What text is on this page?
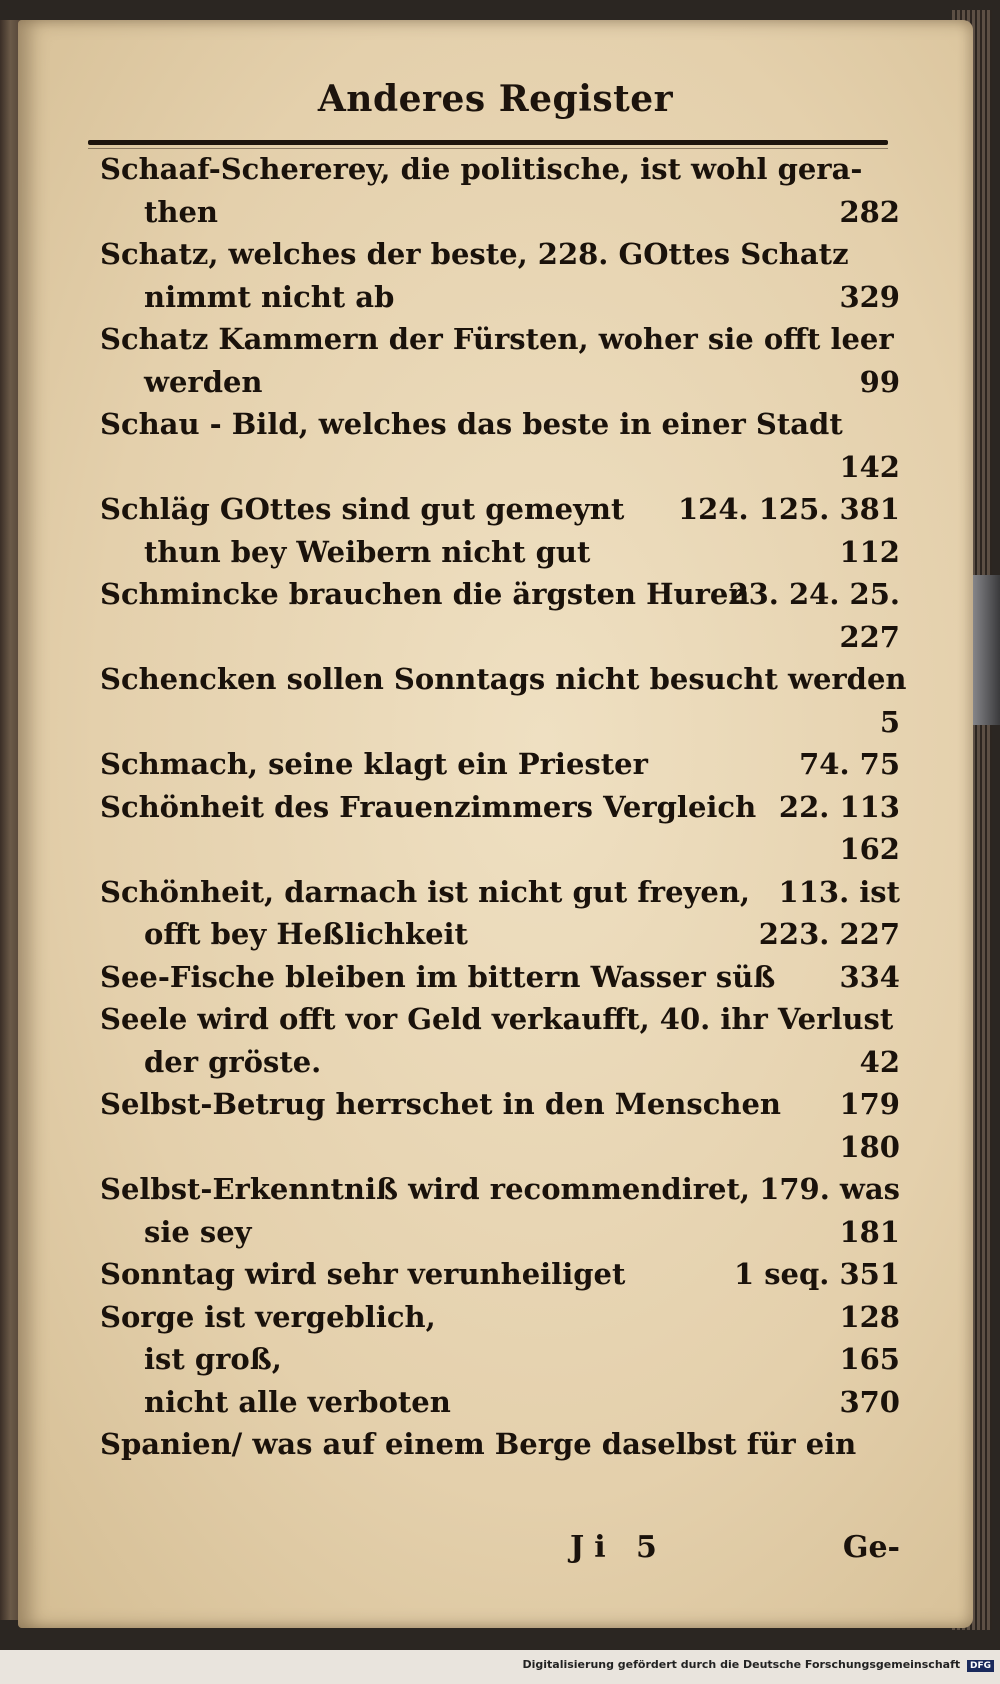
Anderes Register
Schaaf-Schererey, die politische, ist wohl gera-
then	282
Schatz, welches der beste, 228. GOttes Schatz
nimmt nicht ab	329
Schatz Kammern der Fürsten, woher sie offt leer
werden	99
Schau - Bild, welches das beste in einer Stadt
142
Schläg GOttes sind gut gemeynt 124. 125. 381
thun bey Weibern nicht gut	112
Schmincke brauchen die ärgsten Huren
23. 24. 25.
227
Schencken sollen Sonntags nicht besucht werden
5
Schmach, seine klagt ein Priester	74. 75
Schönheit des Frauenzimmers Vergleich 22. 113
162
Schönheit, darnach ist nicht gut freyen, 113. ist
offt bey Heßlichkeit	223. 227
See-Fische bleiben im bittern Wasser süß 334
Seele wird offt vor Geld verkaufft, 40. ihr Verlust
der gröste.	42
Selbst-Betrug herrschet in den Menschen 179
180
Selbst-Erkenntniß wird recommendiret, 179. was
sie sey	181
Sonntag wird sehr verunheiliget	1 seq. 351
Sorge ist vergeblich,	128
ist groß,	165
nicht alle verboten	370
Spanien/ was auf einem Berge daselbst für ein
Ji 5	Ge-
Digitalisierung gefördert durch die Deutsche Forschungsgemeinschaft DFG
